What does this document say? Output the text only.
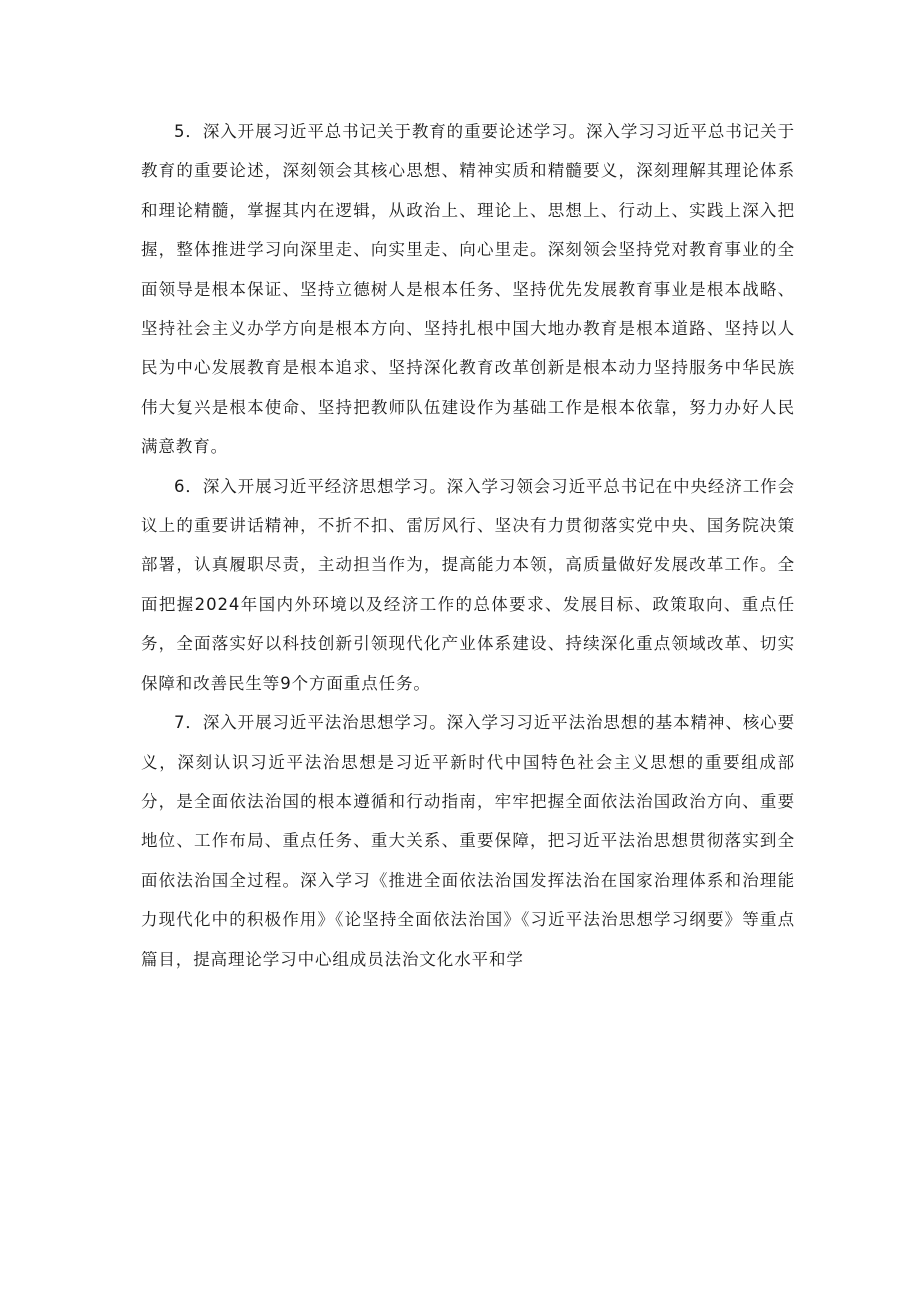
5．深入开展习近平总书记关于教育的重要论述学习。深入学习习近平总书记关于教育的重要论述，深刻领会其核心思想、精神实质和精髓要义，深刻理解其理论体系和理论精髓，掌握其内在逻辑，从政治上、理论上、思想上、行动上、实践上深入把握，整体推进学习向深里走、向实里走、向心里走。深刻领会坚持党对教育事业的全面领导是根本保证、坚持立德树人是根本任务、坚持优先发展教育事业是根本战略、坚持社会主义办学方向是根本方向、坚持扎根中国大地办教育是根本道路、坚持以人民为中心发展教育是根本追求、坚持深化教育改革创新是根本动力坚持服务中华民族伟大复兴是根本使命、坚持把教师队伍建设作为基础工作是根本依靠，努力办好人民满意教育。

6．深入开展习近平经济思想学习。深入学习领会习近平总书记在中央经济工作会议上的重要讲话精神，不折不扣、雷厉风行、坚决有力贯彻落实党中央、国务院决策部署，认真履职尽责，主动担当作为，提高能力本领，高质量做好发展改革工作。全面把握2024年国内外环境以及经济工作的总体要求、发展目标、政策取向、重点任务，全面落实好以科技创新引领现代化产业体系建设、持续深化重点领域改革、切实保障和改善民生等9个方面重点任务。

7．深入开展习近平法治思想学习。深入学习习近平法治思想的基本精神、核心要义，深刻认识习近平法治思想是习近平新时代中国特色社会主义思想的重要组成部分，是全面依法治国的根本遵循和行动指南，牢牢把握全面依法治国政治方向、重要地位、工作布局、重点任务、重大关系、重要保障，把习近平法治思想贯彻落实到全面依法治国全过程。深入学习《推进全面依法治国发挥法治在国家治理体系和治理能力现代化中的积极作用》《论坚持全面依法治国》《习近平法治思想学习纲要》等重点篇目，提高理论学习中心组成员法治文化水平和学
